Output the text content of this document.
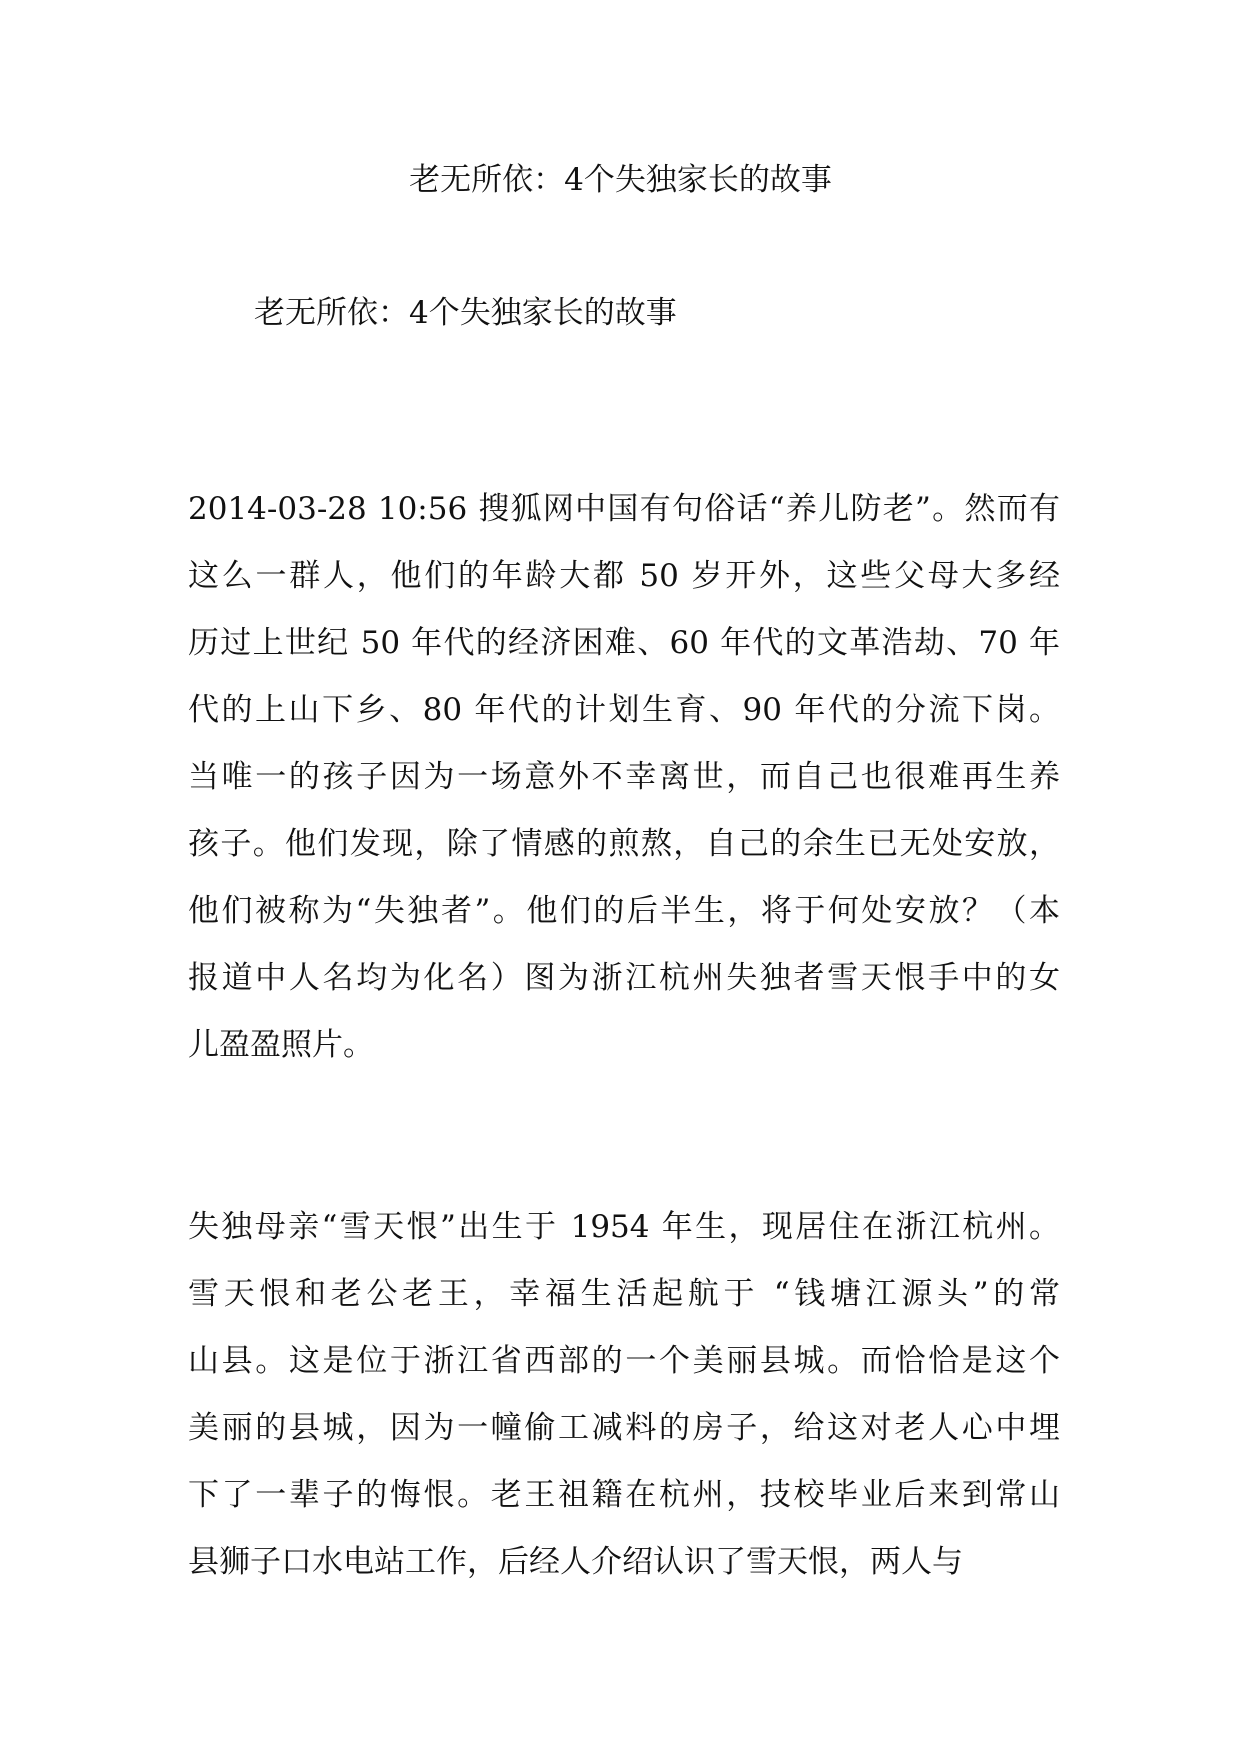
老无所依：4个失独家长的故事

老无所依：4个失独家长的故事

2014-03-28 10:56 搜狐网中国有句俗话“养儿防老”。然而有
这么一群人，他们的年龄大都 50 岁开外，这些父母大多经
历过上世纪 50 年代的经济困难、60 年代的文革浩劫、70 年
代的上山下乡、80 年代的计划生育、90 年代的分流下岗。
当唯一的孩子因为一场意外不幸离世，而自己也很难再生养
孩子。他们发现，除了情感的煎熬，自己的余生已无处安放，
他们被称为“失独者”。他们的后半生，将于何处安放？（本
报道中人名均为化名）图为浙江杭州失独者雪天恨手中的女
儿盈盈照片。

失独母亲“雪天恨”出生于 1954 年生，现居住在浙江杭州。
雪天恨和老公老王，幸福生活起航于 “钱塘江源头”的常
山县。这是位于浙江省西部的一个美丽县城。而恰恰是这个
美丽的县城，因为一幢偷工减料的房子，给这对老人心中埋
下了一辈子的悔恨。老王祖籍在杭州，技校毕业后来到常山
县狮子口水电站工作，后经人介绍认识了雪天恨，两人与
